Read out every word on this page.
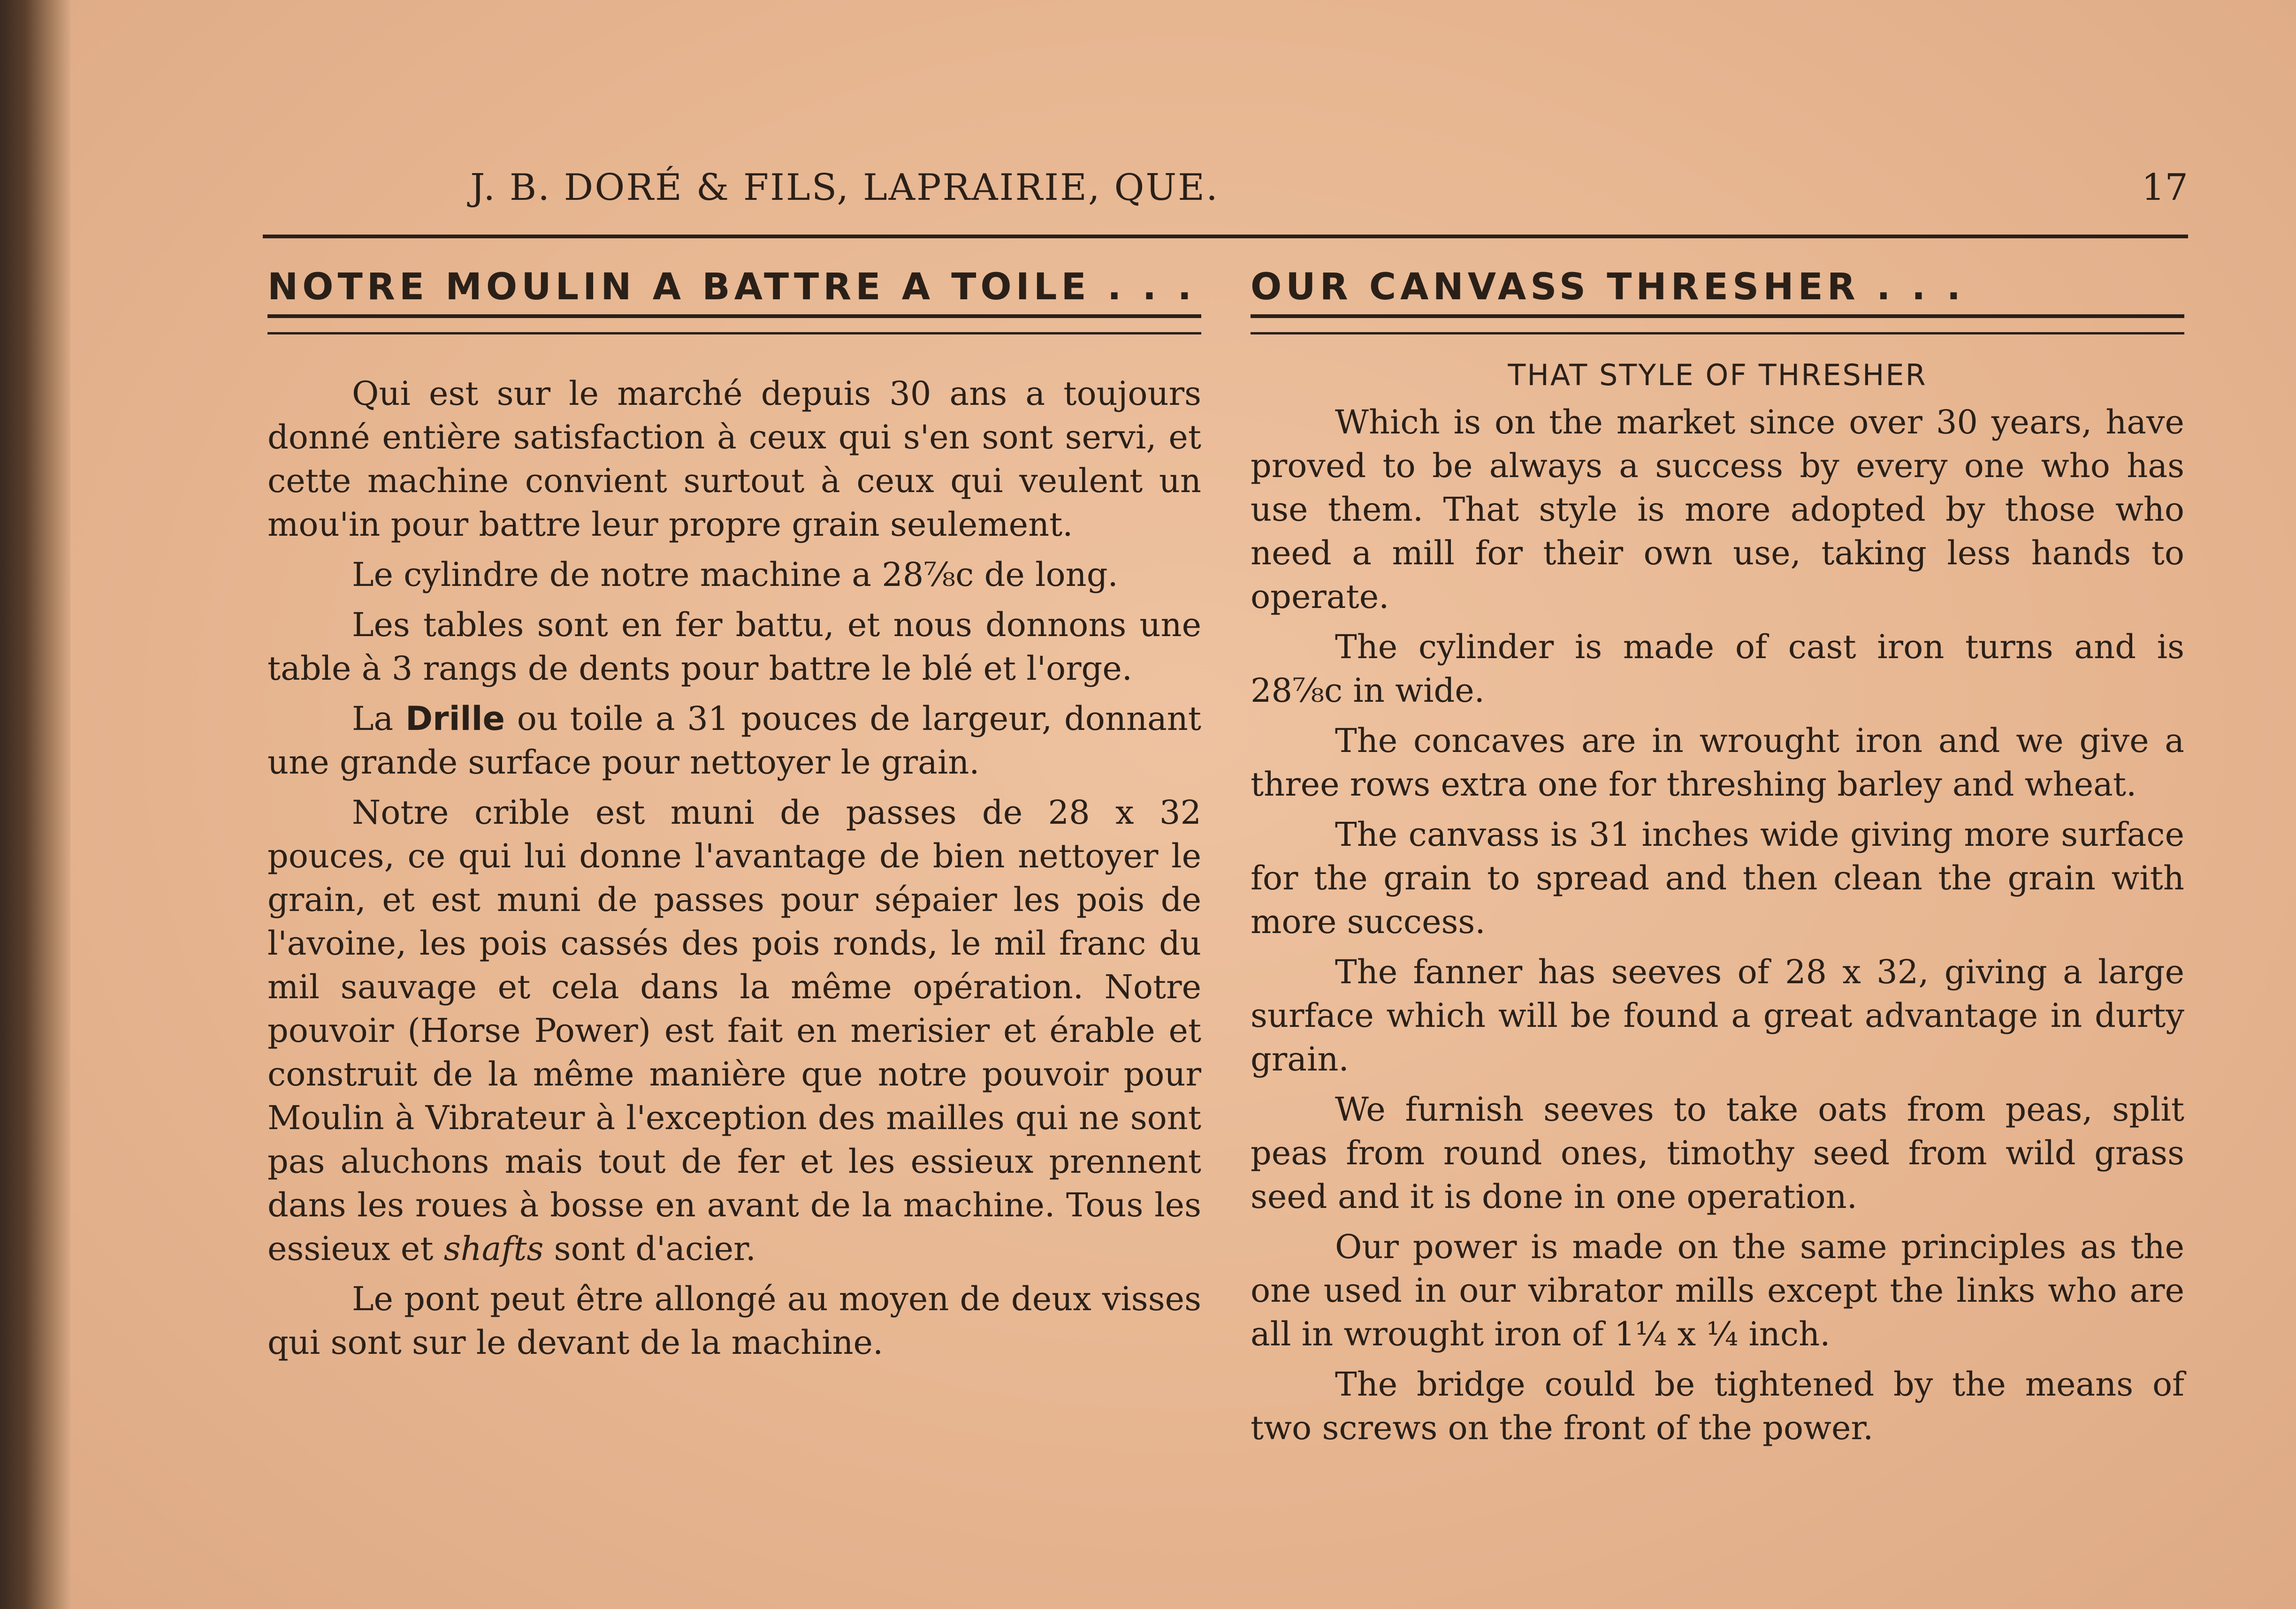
J. B. DORÉ & FILS, LAPRAIRIE, QUE.	17
NOTRE MOULIN A BATTRE A TOILE . . .

Qui est sur le marché depuis 30 ans a toujours donné entière satisfaction à ceux qui s'en sont servi, et cette machine convient surtout à ceux qui veulent un mou'in pour battre leur propre grain seulement.

Le cylindre de notre machine a 28⅞c de long.

Les tables sont en fer battu, et nous donnons une table à 3 rangs de dents pour battre le blé et l'orge.

La Drille ou toile a 31 pouces de largeur, donnant une grande surface pour nettoyer le grain.

Notre crible est muni de passes de 28 x 32 pouces, ce qui lui donne l'avantage de bien nettoyer le grain, et est muni de passes pour sépaier les pois de l'avoine, les pois cassés des pois ronds, le mil franc du mil sauvage et cela dans la même opération. Notre pouvoir (Horse Power) est fait en merisier et érable et construit de la même manière que notre pouvoir pour Moulin à Vibrateur à l'exception des mailles qui ne sont pas aluchons mais tout de fer et les essieux prennent dans les roues à bosse en avant de la machine. Tous les essieux et shafts sont d'acier.

Le pont peut être allongé au moyen de deux visses qui sont sur le devant de la machine.

OUR CANVASS THRESHER . . .
THAT STYLE OF THRESHER

Which is on the market since over 30 years, have proved to be always a success by every one who has use them. That style is more adopted by those who need a mill for their own use, taking less hands to operate.

The cylinder is made of cast iron turns and is 28⅞c in wide.

The concaves are in wrought iron and we give a three rows extra one for threshing barley and wheat.

The canvass is 31 inches wide giving more surface for the grain to spread and then clean the grain with more success.

The fanner has seeves of 28 x 32, giving a large surface which will be found a great advantage in durty grain.

We furnish seeves to take oats from peas, split peas from round ones, timothy seed from wild grass seed and it is done in one operation.

Our power is made on the same principles as the one used in our vibrator mills except the links who are all in wrought iron of 1¼ x ¼ inch.

The bridge could be tightened by the means of two screws on the front of the power.
